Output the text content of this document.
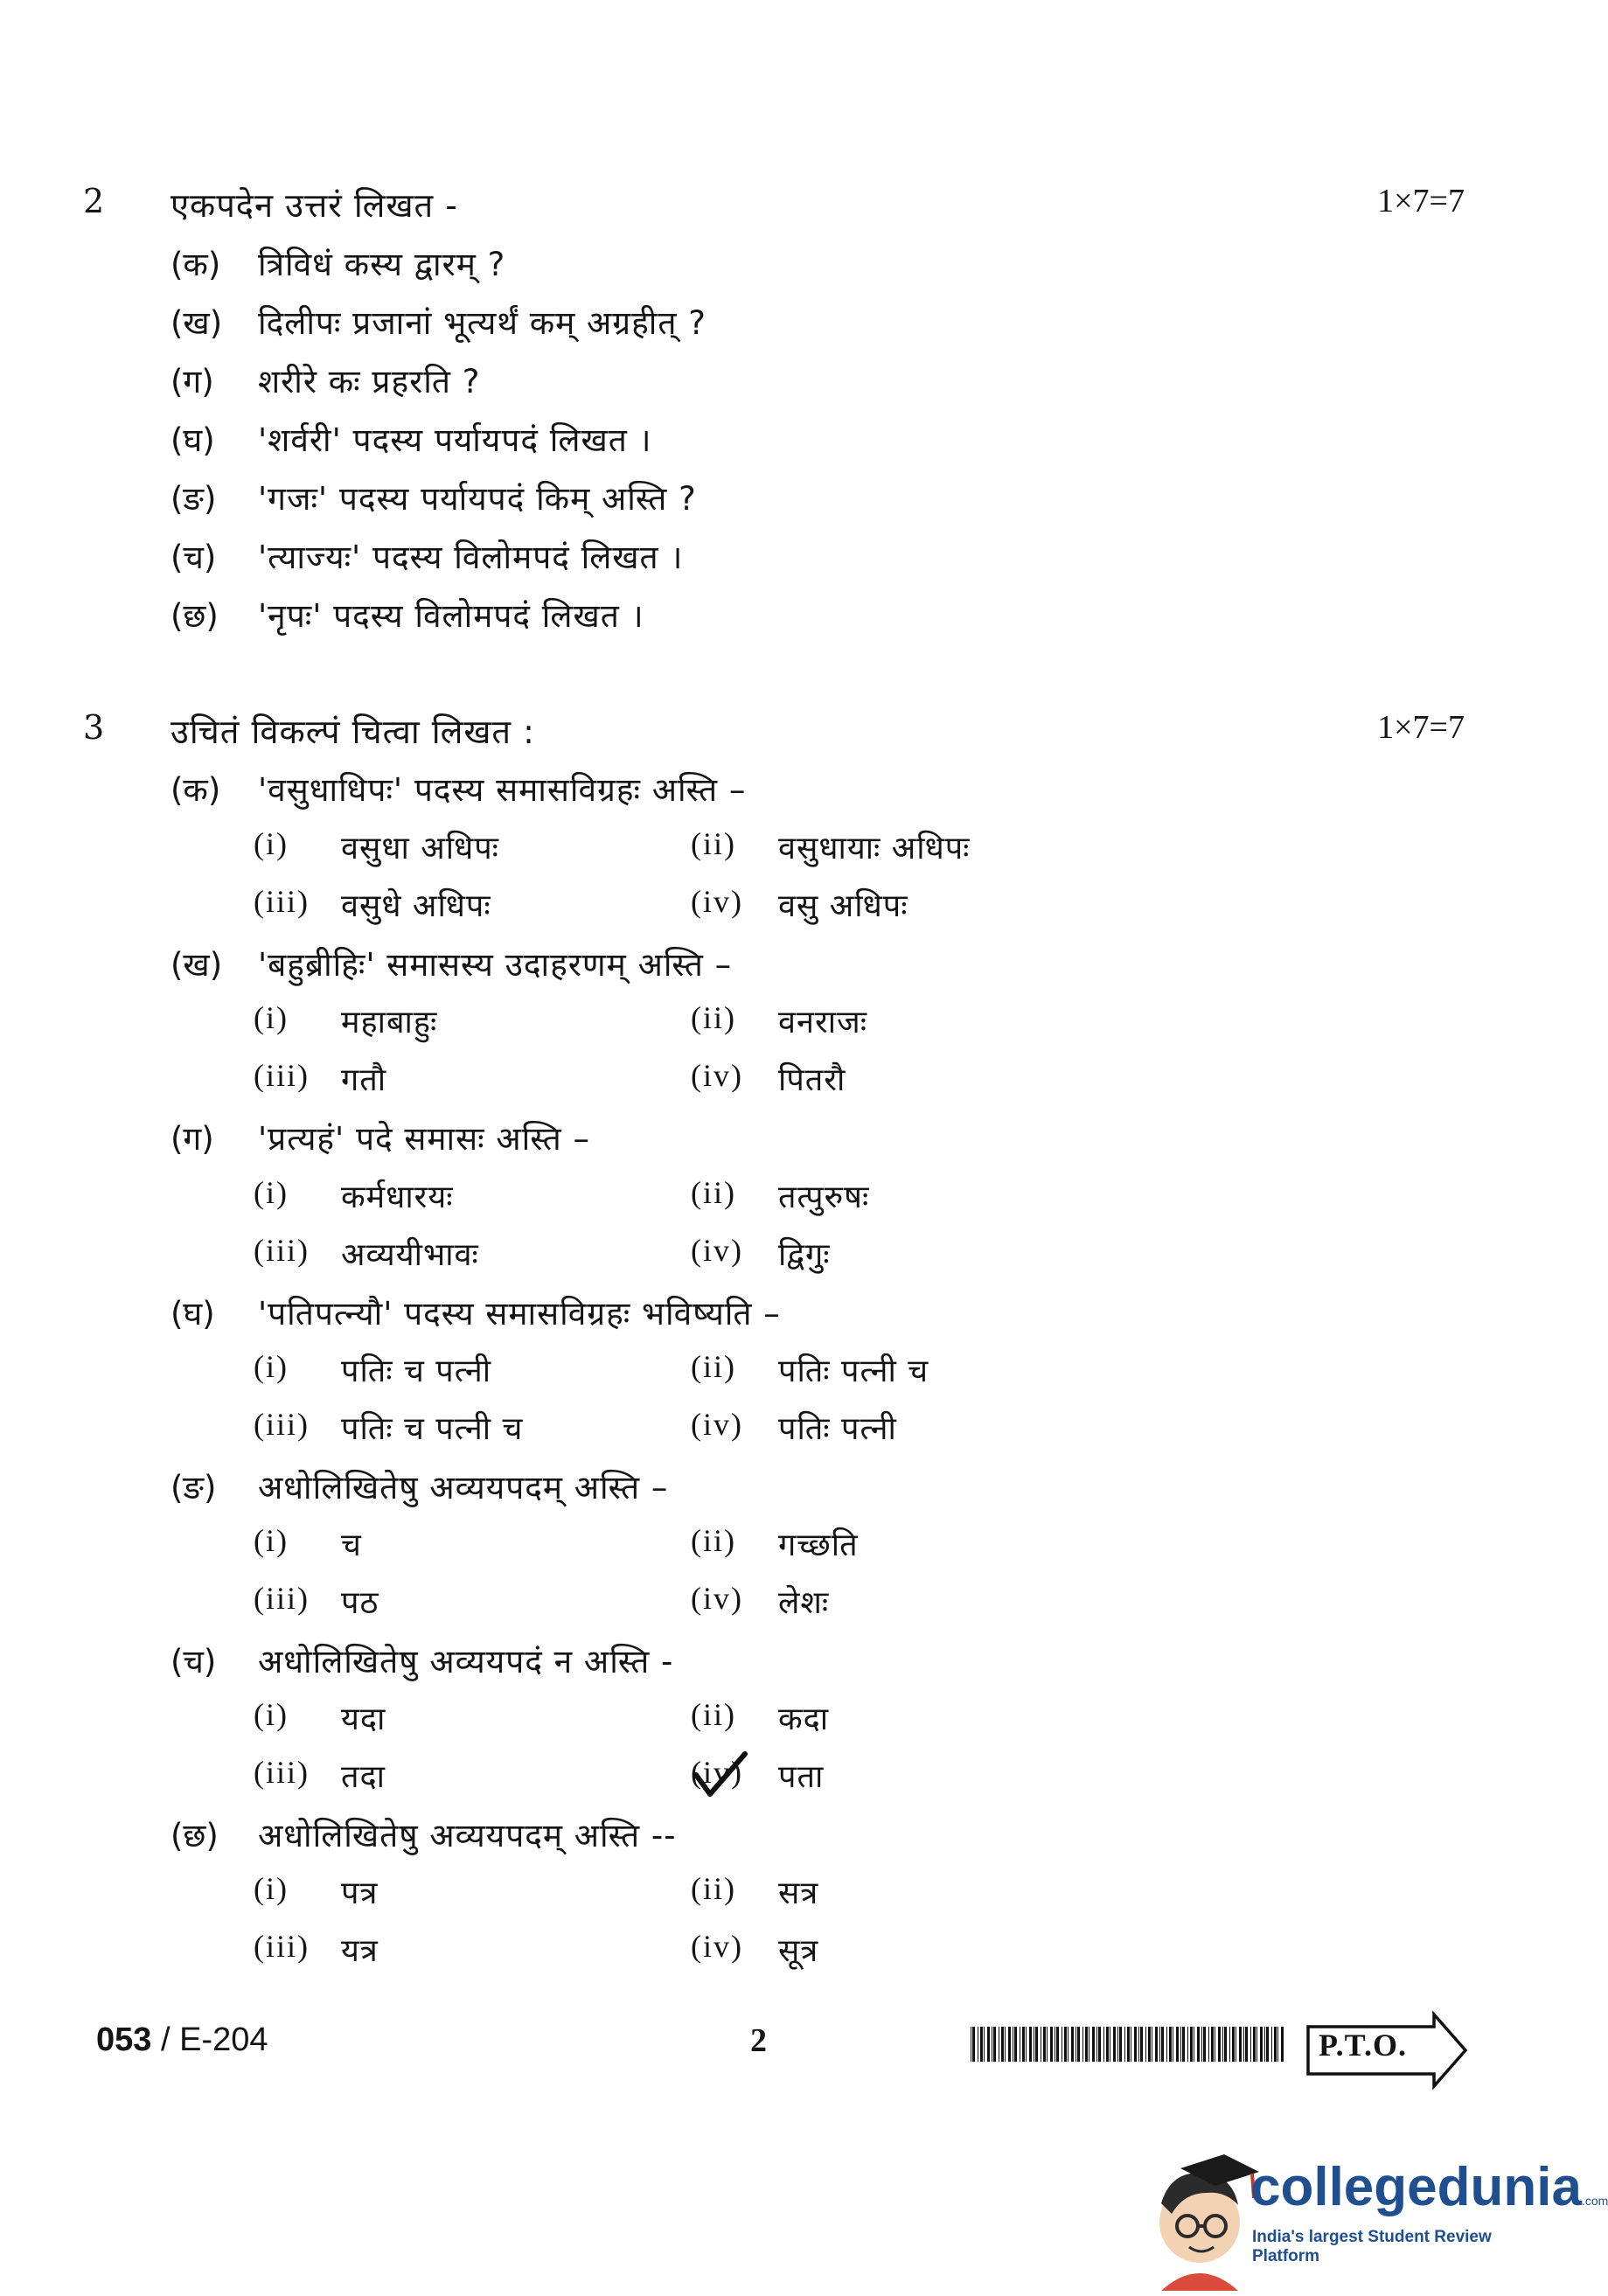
2 एकपदेन उत्तरं लिखत -	1×7=7
(क) त्रिविधं कस्य द्वारम् ?
(ख) दिलीपः प्रजानां भूत्यर्थं कम् अग्रहीत् ?
(ग) शरीरे कः प्रहरति ?
(घ) 'शर्वरी' पदस्य पर्यायपदं लिखत ।
(ङ) 'गजः' पदस्य पर्यायपदं किम् अस्ति ?
(च) 'त्याज्यः' पदस्य विलोमपदं लिखत ।
(छ) 'नृपः' पदस्य विलोमपदं लिखत ।
3 उचितं विकल्पं चित्वा लिखत :	1×7=7
(क) 'वसुधाधिपः' पदस्य समासविग्रहः अस्ति –
(i) वसुधा अधिपः	(ii) वसुधायाः अधिपः
(iii) वसुधे अधिपः	(iv) वसु अधिपः
(ख) 'बहुब्रीहिः' समासस्य उदाहरणम् अस्ति –
(i) महाबाहुः	(ii) वनराजः
(iii) गतौ	(iv) पितरौ
(ग) 'प्रत्यहं' पदे समासः अस्ति –
(i) कर्मधारयः	(ii) तत्पुरुषः
(iii) अव्ययीभावः	(iv) द्विगुः
(घ) 'पतिपत्न्यौ' पदस्य समासविग्रहः भविष्यति –
(i) पतिः च पत्नी	(ii) पतिः पत्नी च
(iii) पतिः च पत्नी च	(iv) पतिः पत्नी
(ङ) अधोलिखितेषु अव्ययपदम् अस्ति –
(i) च	(ii) गच्छति
(iii) पठ	(iv) लेशः
(च) अधोलिखितेषु अव्ययपदं न अस्ति -
(i) यदा	(ii) कदा
(iii) तदा	(iv) पता
(छ) अधोलिखितेषु अव्ययपदम् अस्ति --
(i) पत्र	(ii) सत्र
(iii) यत्र	(iv) सूत्र
053 / E-204	2	P.T.O.
collegedunia.com
India's largest Student Review Platform
